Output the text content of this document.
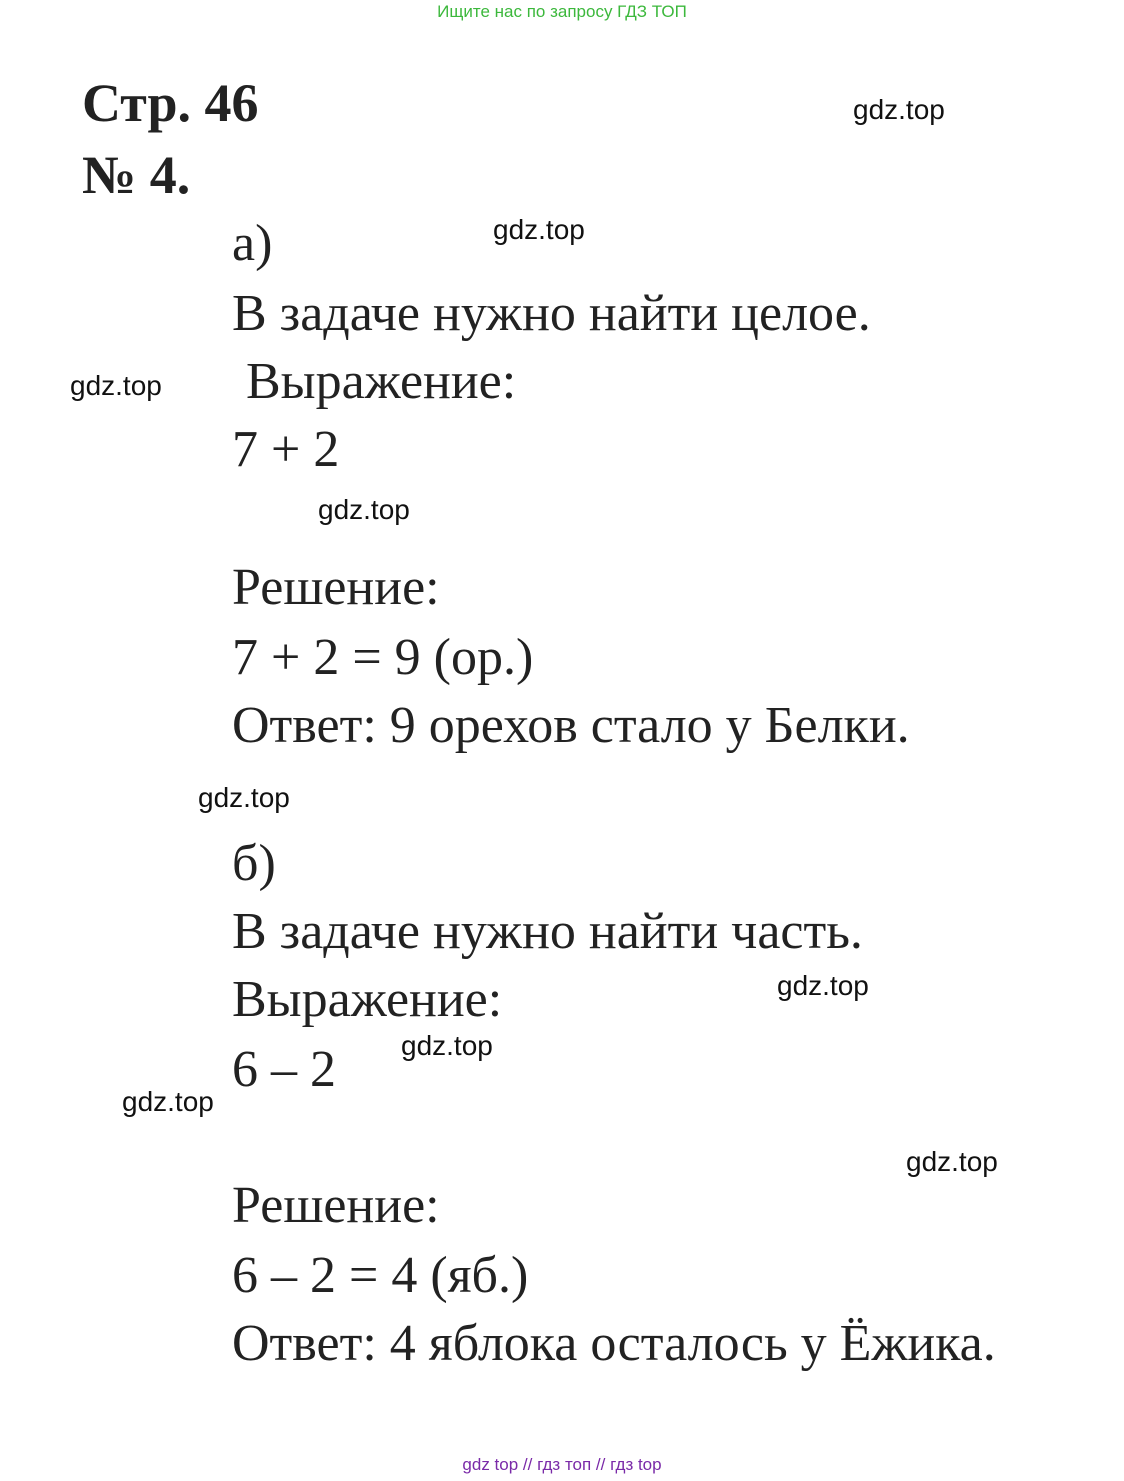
Ищите нас по запросу ГДЗ ТОП
Стр. 46
№ 4.
а)
В задаче нужно найти целое.
Выражение:
7 + 2
Решение:
7 + 2 = 9 (ор.)
Ответ: 9 орехов стало у Белки.
б)
В задаче нужно найти часть.
Выражение:
6 – 2
Решение:
6 – 2 = 4 (яб.)
Ответ: 4 яблока осталось у Ёжика.
gdz.top
gdz.top
gdz.top
gdz.top
gdz.top
gdz.top
gdz.top
gdz.top
gdz.top
gdz top // гдз топ // гдз top
